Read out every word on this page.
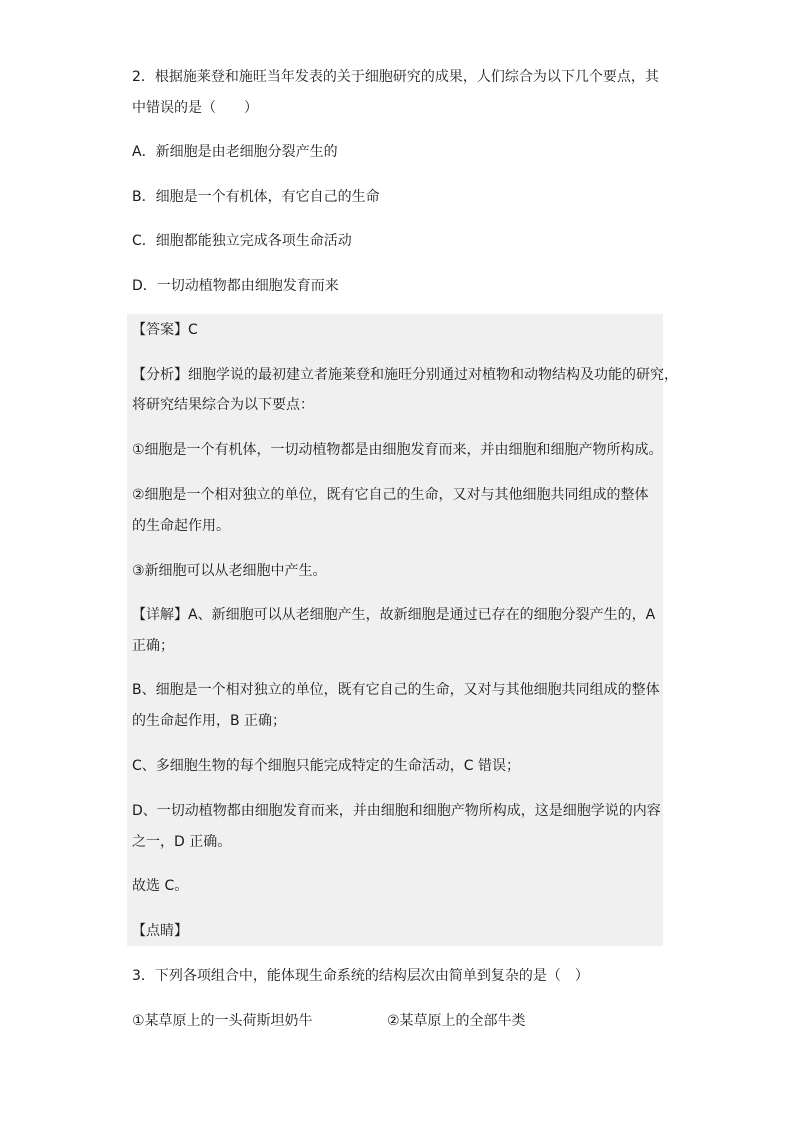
2．根据施莱登和施旺当年发表的关于细胞研究的成果，人们综合为以下几个要点，其
中错误的是（　　）
A．新细胞是由老细胞分裂产生的
B．细胞是一个有机体，有它自己的生命
C．细胞都能独立完成各项生命活动
D．一切动植物都由细胞发育而来
【答案】C
【分析】细胞学说的最初建立者施莱登和施旺分别通过对植物和动物结构及功能的研究，
将研究结果综合为以下要点：
①细胞是一个有机体，一切动植物都是由细胞发育而来，并由细胞和细胞产物所构成。
②细胞是一个相对独立的单位，既有它自己的生命，又对与其他细胞共同组成的整体
的生命起作用。
③新细胞可以从老细胞中产生。
【详解】A、新细胞可以从老细胞产生，故新细胞是通过已存在的细胞分裂产生的，A
正确；
B、细胞是一个相对独立的单位，既有它自己的生命，又对与其他细胞共同组成的整体
的生命起作用，B 正确；
C、多细胞生物的每个细胞只能完成特定的生命活动，C 错误；
D、一切动植物都由细胞发育而来，并由细胞和细胞产物所构成，这是细胞学说的内容
之一，D 正确。
故选 C。
【点睛】
3．下列各项组合中，能体现生命系统的结构层次由简单到复杂的是（　）
①某草原上的一头荷斯坦奶牛	②某草原上的全部牛类
